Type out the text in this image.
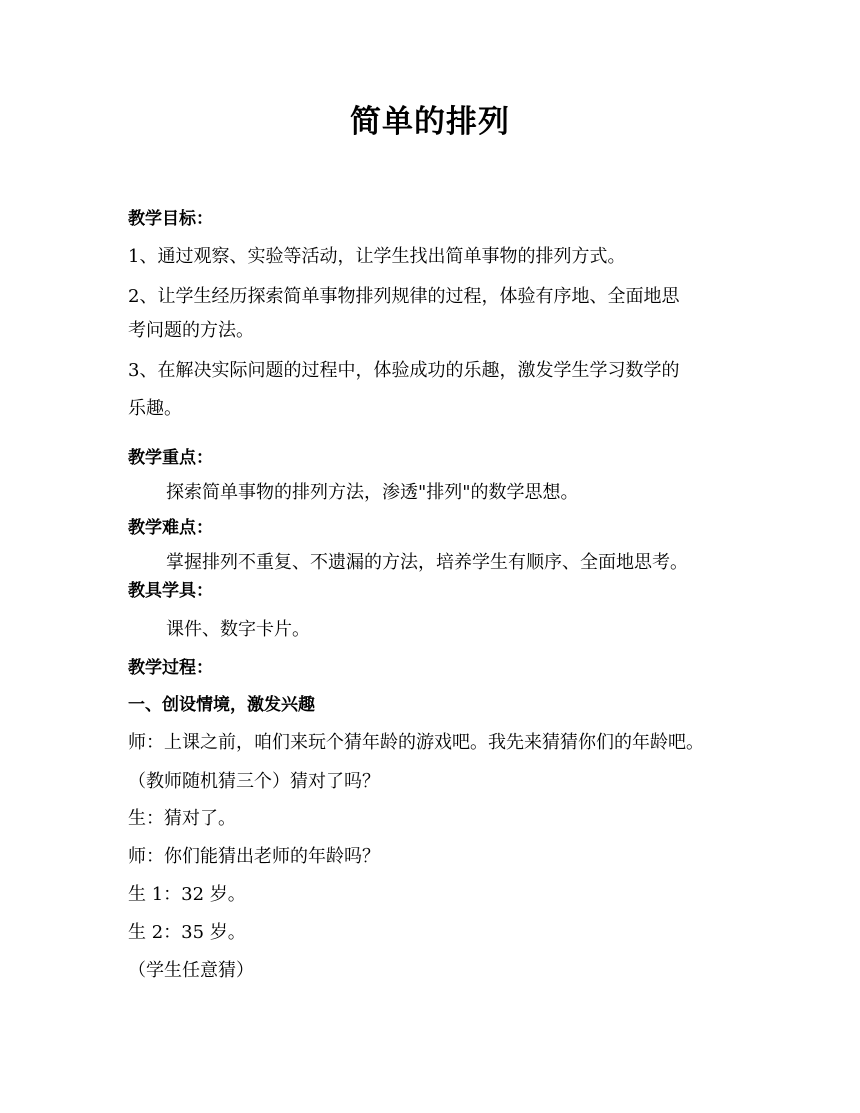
简单的排列
教学目标：
1、通过观察、实验等活动，让学生找出简单事物的排列方式。
2、让学生经历探索简单事物排列规律的过程，体验有序地、全面地思
考问题的方法。
3、在解决实际问题的过程中，体验成功的乐趣，激发学生学习数学的
乐趣。
教学重点：
探索简单事物的排列方法，渗透"排列"的数学思想。
教学难点：
掌握排列不重复、不遗漏的方法，培养学生有顺序、全面地思考。
教具学具：
课件、数字卡片。
教学过程：
一、创设情境，激发兴趣
师：上课之前，咱们来玩个猜年龄的游戏吧。我先来猜猜你们的年龄吧。
（教师随机猜三个）猜对了吗？
生：猜对了。
师：你们能猜出老师的年龄吗？
生 1：32 岁。
生 2：35 岁。
（学生任意猜）
